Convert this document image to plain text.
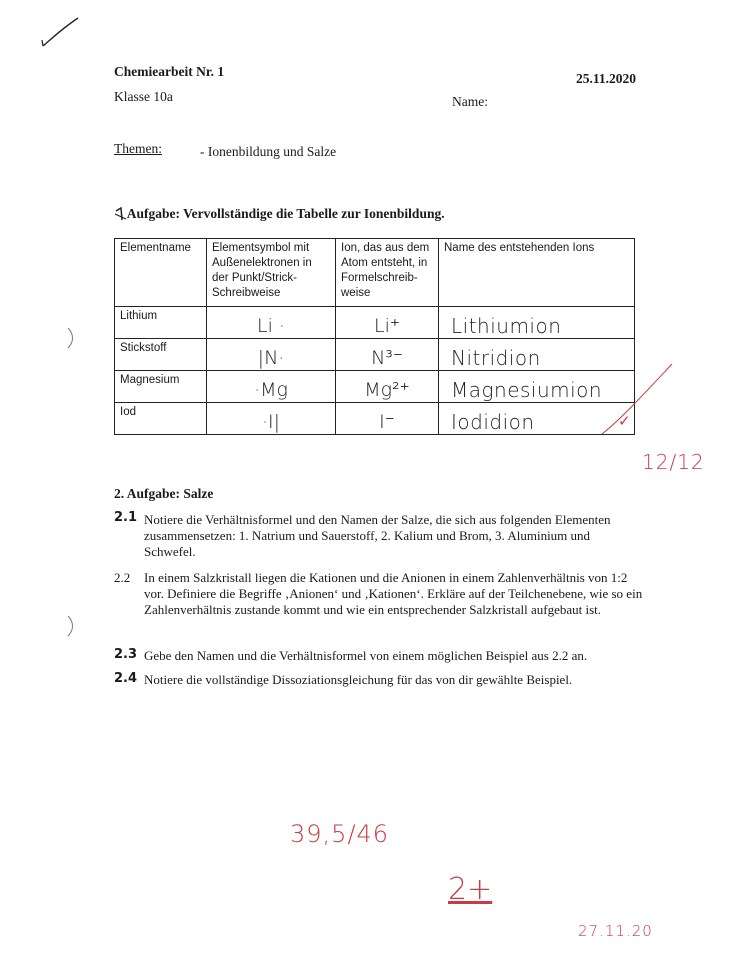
Chemiearbeit Nr. 1	25.11.2020
Klasse 10a	Name:
Themen:	- Ionenbildung und Salze
Aufgabe: Vervollständige die Tabelle zur Ionenbildung.
Elementname	Elementsymbol mit Außenelektronen in der Punkt/Strick-Schreibweise	Ion, das aus dem Atom entsteht, in Formelschreib-weise	Name des entstehenden Ions
Lithium	Li ·	Li⁺	Lithiumion

Stickstoff	|N·	N³⁻	Nitridion

Magnesium	·Mg	Mg²⁺	Magnesiumion

Iod	·I|	I⁻	Iodidion	✓
12/12
2. Aufgabe: Salze
2.1 Notiere die Verhältnisformel und den Namen der Salze, die sich aus folgenden Elementen zusammensetzen: 1. Natrium und Sauerstoff, 2. Kalium und Brom, 3. Aluminium und Schwefel.
2.2 In einem Salzkristall liegen die Kationen und die Anionen in einem Zahlenverhältnis von 1:2 vor. Definiere die Begriffe ‚Anionen‘ und ‚Kationen‘. Erkläre auf der Teilchenebene, wie so ein Zahlenverhältnis zustande kommt und wie ein entsprechender Salzkristall aufgebaut ist.
2.3 Gebe den Namen und die Verhältnisformel von einem möglichen Beispiel aus 2.2 an.
2.4 Notiere die vollständige Dissoziationsgleichung für das von dir gewählte Beispiel.
39,5/46
2+
27.11.20
